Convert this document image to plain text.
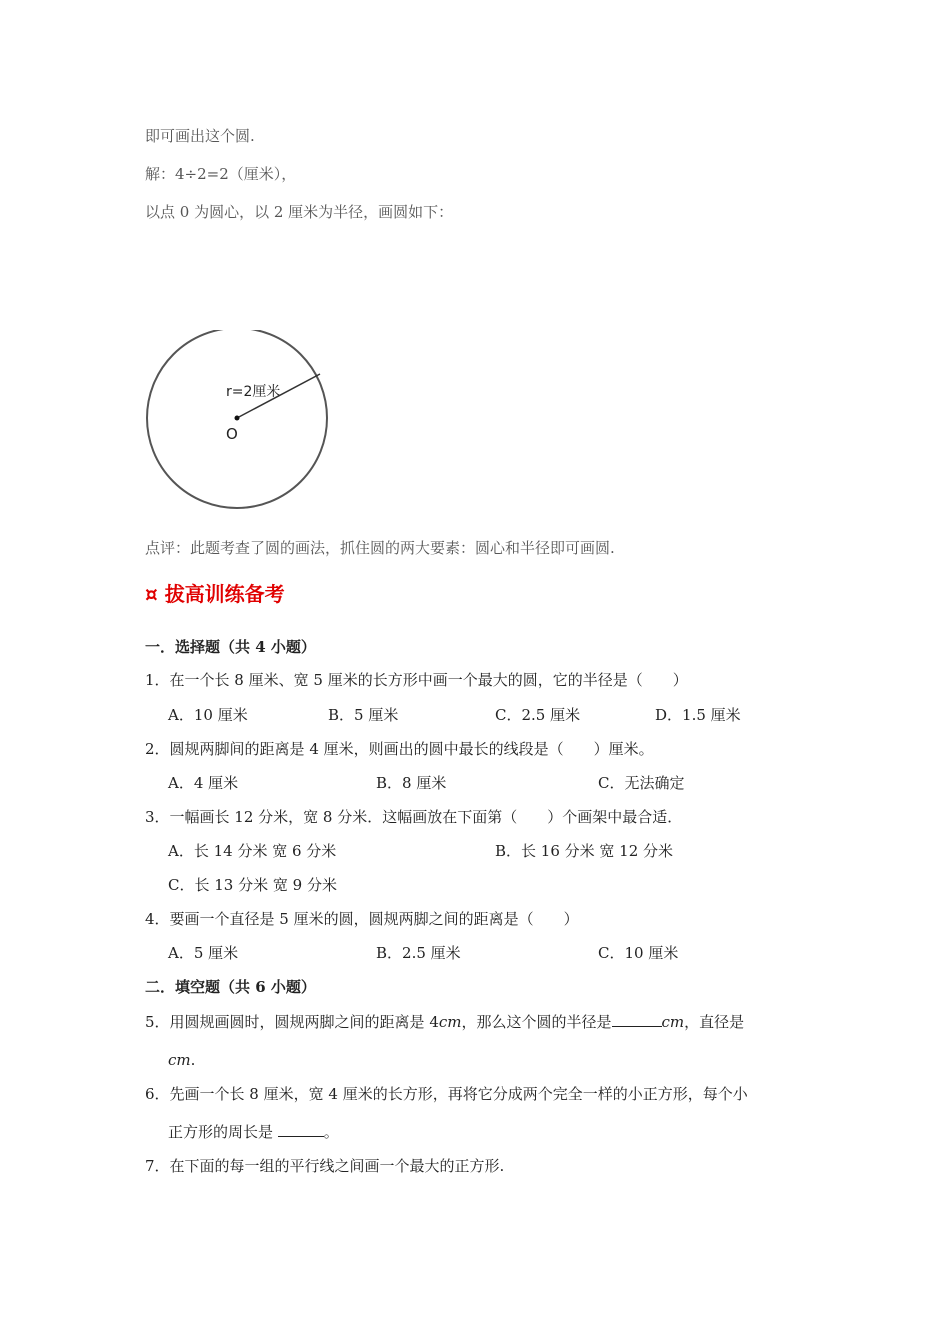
即可画出这个圆.
解：4÷2=2（厘米），
以点 0 为圆心，以 2 厘米为半径，画圆如下：
r=2厘米
O
点评：此题考查了圆的画法，抓住圆的两大要素：圆心和半径即可画圆.
¤ 拔高训练备考
一．选择题（共 4 小题）
1．在一个长 8 厘米、宽 5 厘米的长方形中画一个最大的圆，它的半径是（　　）
A．10 厘米	B．5 厘米	C．2.5 厘米	D．1.5 厘米
2．圆规两脚间的距离是 4 厘米，则画出的圆中最长的线段是（　　）厘米。
A．4 厘米	B．8 厘米	C．无法确定
3．一幅画长 12 分米，宽 8 分米．这幅画放在下面第（　　）个画架中最合适．
A．长 14 分米 宽 6 分米	B．长 16 分米 宽 12 分米
C．长 13 分米 宽 9 分米
4．要画一个直径是 5 厘米的圆，圆规两脚之间的距离是（　　）
A．5 厘米	B．2.5 厘米	C．10 厘米
二．填空题（共 6 小题）
5．用圆规画圆时，圆规两脚之间的距离是 4cm，那么这个圆的半径是	cm，直径是
cm.
6．先画一个长 8 厘米，宽 4 厘米的长方形，再将它分成两个完全一样的小正方形，每个小
正方形的周长是	。
7．在下面的每一组的平行线之间画一个最大的正方形.
